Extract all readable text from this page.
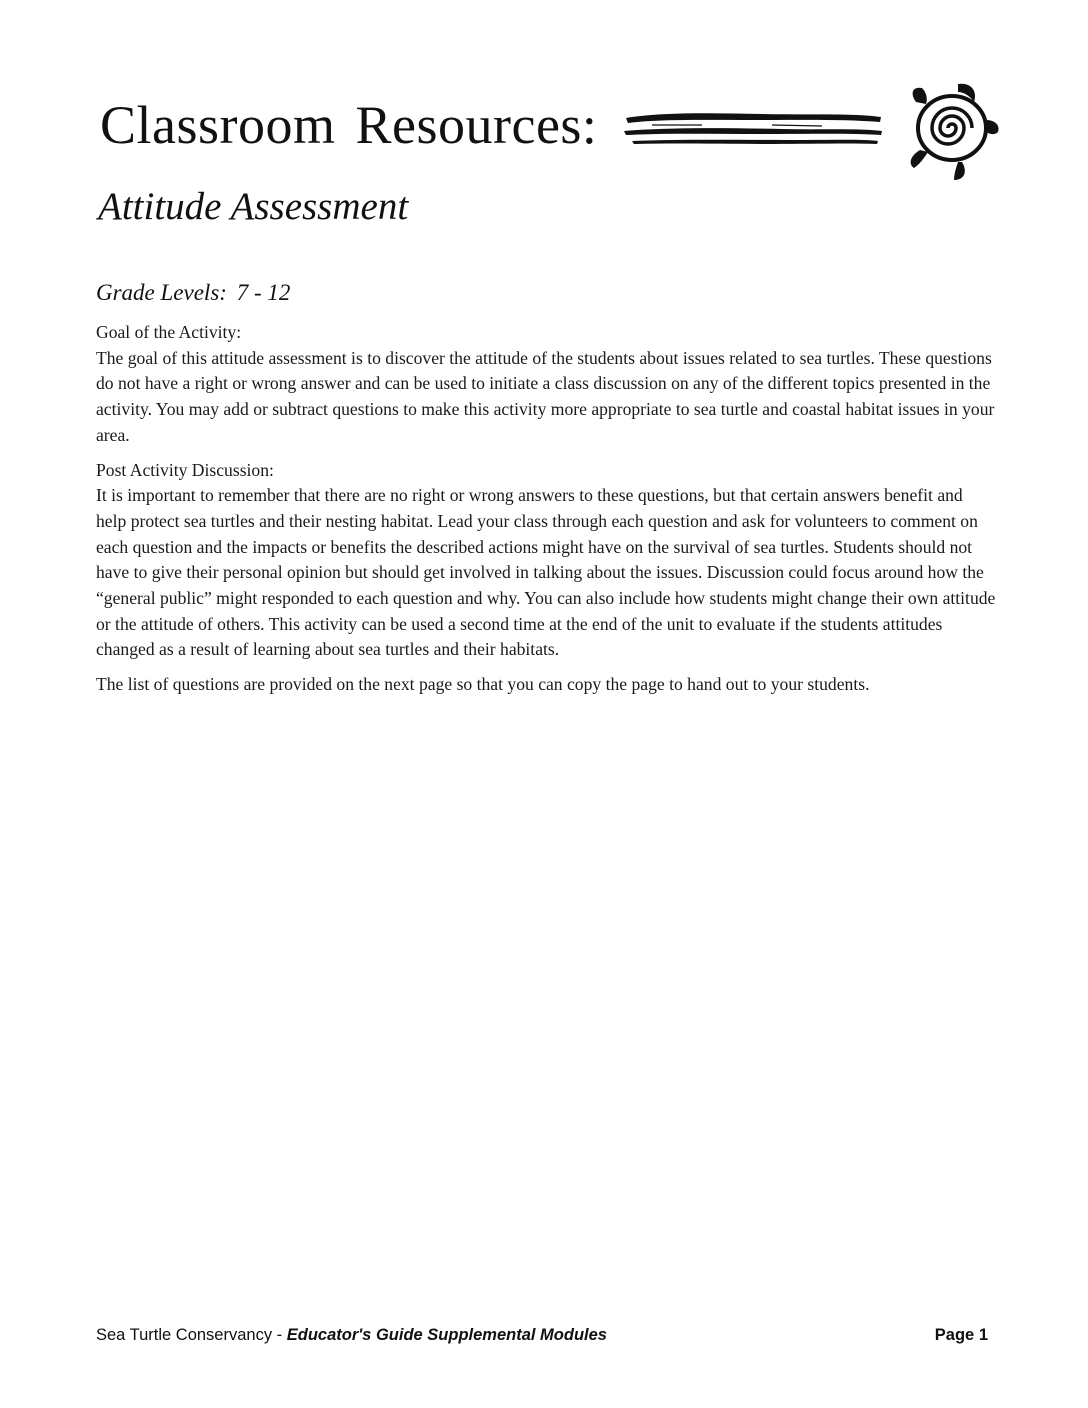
Classroom Resources:
Attitude Assessment
Grade Levels: 7 - 12
Goal of the Activity:

The goal of this attitude assessment is to discover the attitude of the students about issues related to sea turtles. These questions do not have a right or wrong answer and can be used to initiate a class discussion on any of the different topics presented in the activity. You may add or subtract questions to make this activity more appropriate to sea turtle and coastal habitat issues in your area.

Post Activity Discussion:

It is important to remember that there are no right or wrong answers to these questions, but that certain answers benefit and help protect sea turtles and their nesting habitat. Lead your class through each question and ask for volunteers to comment on each question and the impacts or benefits the described actions might have on the survival of sea turtles. Students should not have to give their personal opinion but should get involved in talking about the issues. Discussion could focus around how the “general public” might responded to each question and why. You can also include how students might change their own attitude or the attitude of others. This activity can be used a second time at the end of the unit to evaluate if the students attitudes changed as a result of learning about sea turtles and their habitats.

The list of questions are provided on the next page so that you can copy the page to hand out to your students.

Sea Turtle Conservancy - Educator's Guide Supplemental Modules	Page 1
